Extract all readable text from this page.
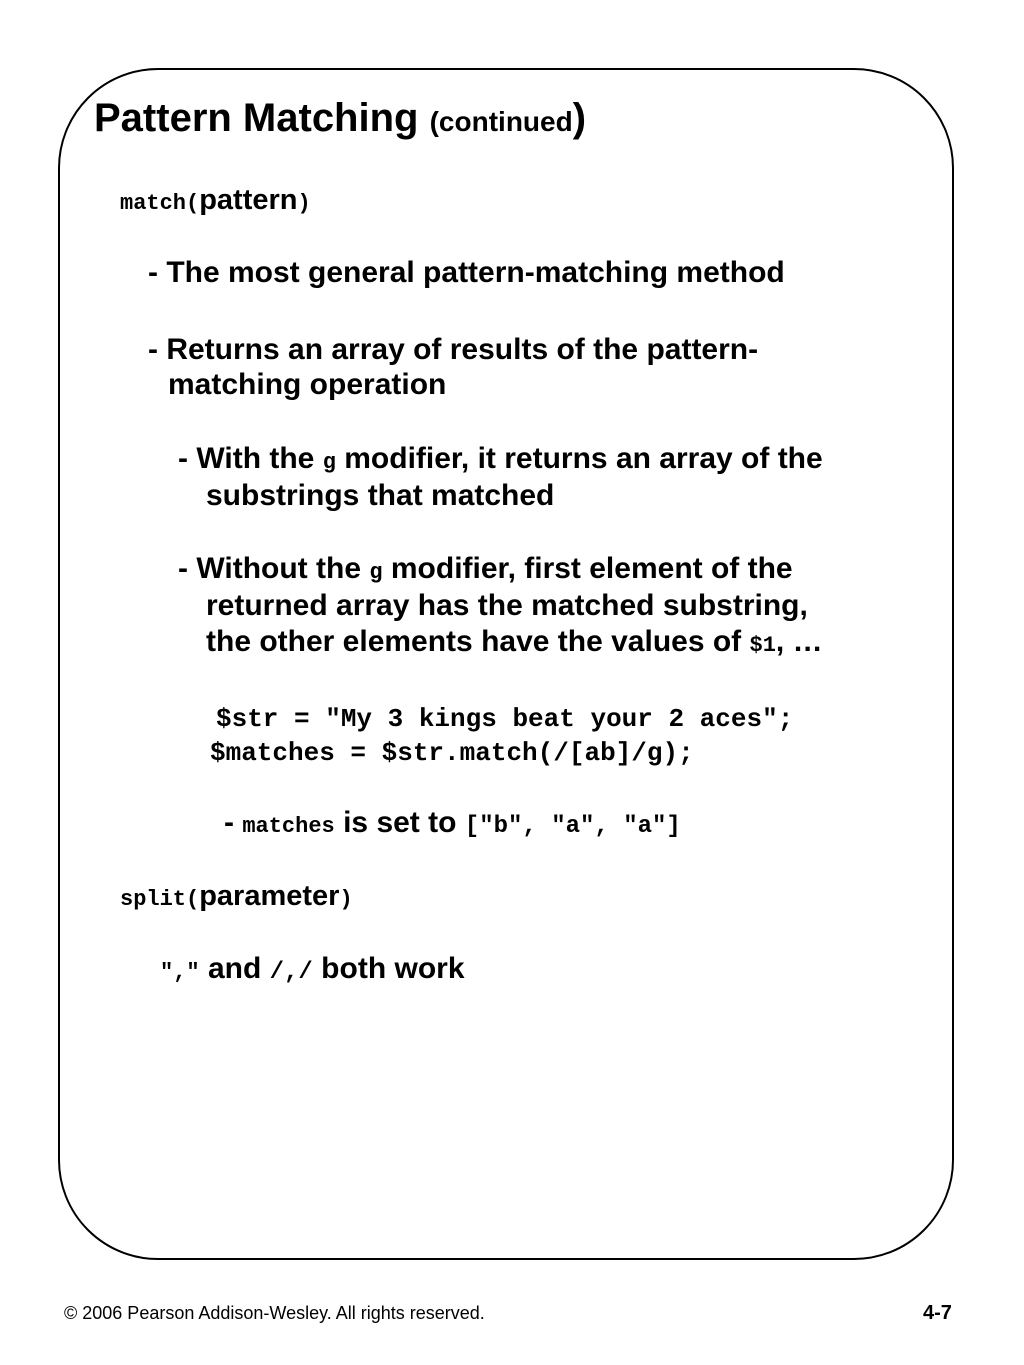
Pattern Matching (continued)
match(pattern)
- The most general pattern-matching method
- Returns an array of results of the pattern-
matching operation
- With the g modifier, it returns an array of the
substrings that matched
- Without the g modifier, first element of the
returned array has the matched substring,
the other elements have the values of $1, …
$str = "My 3 kings beat your 2 aces";
$matches = $str.match(/[ab]/g);
- matches is set to ["b", "a", "a"]
split(parameter)
"," and /,/ both work
© 2006 Pearson Addison-Wesley. All rights reserved.	4-7
